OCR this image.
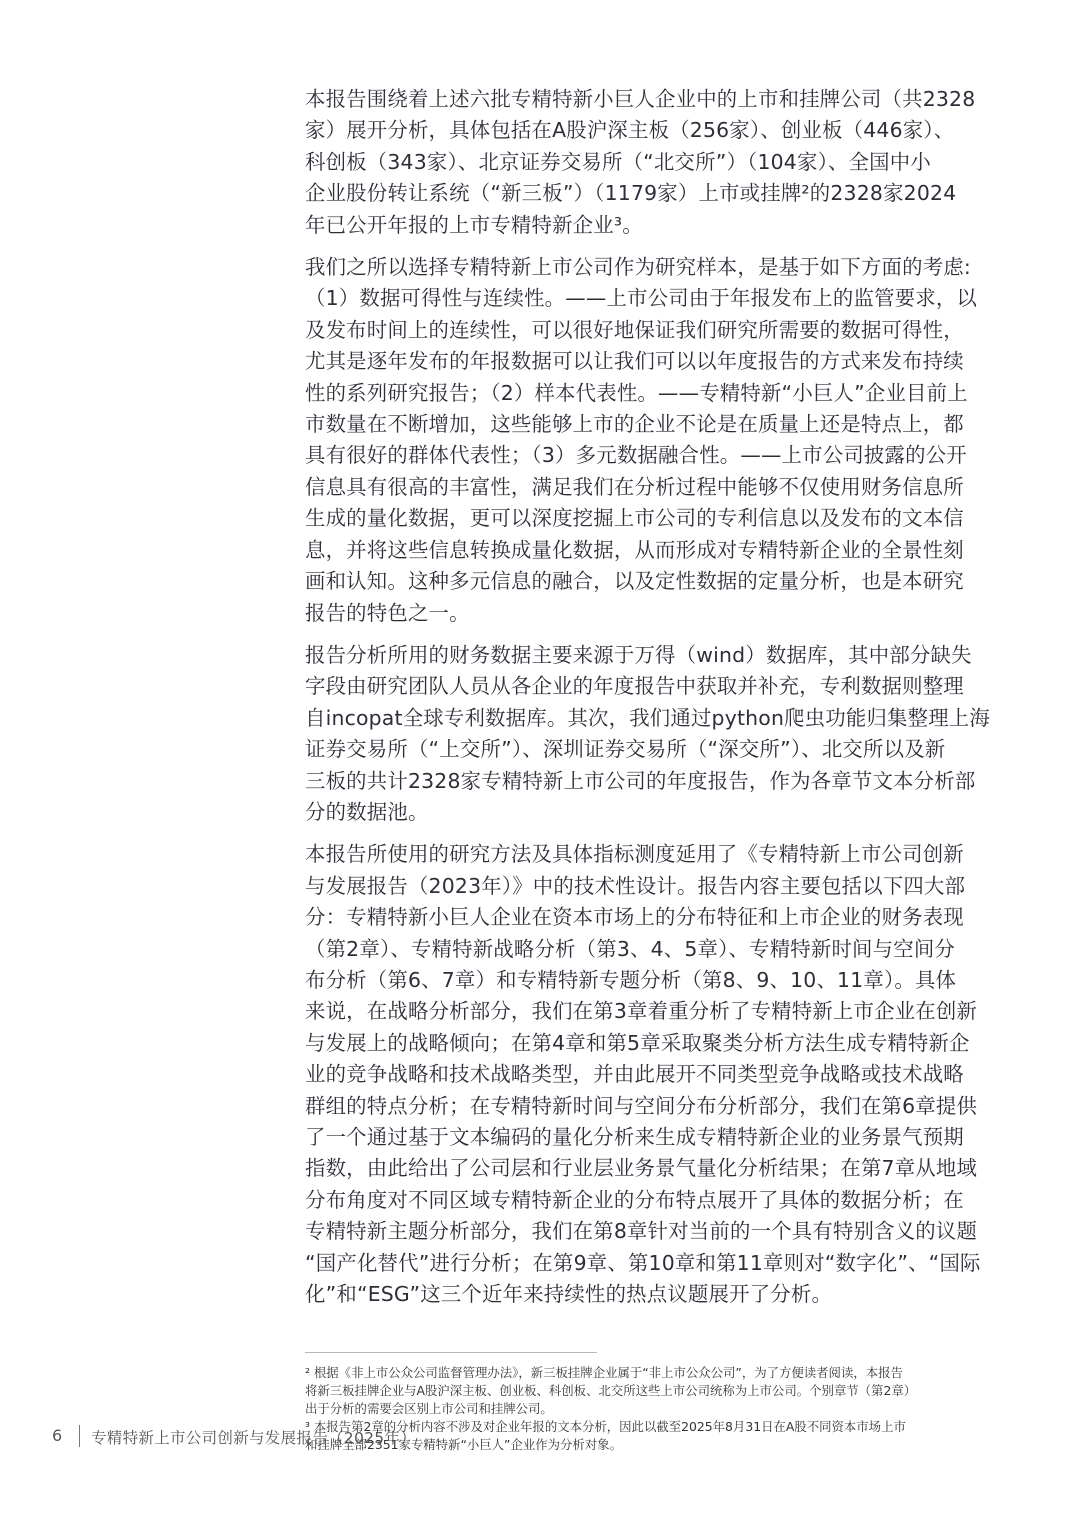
本报告围绕着上述六批专精特新小巨人企业中的上市和挂牌公司（共2328
家）展开分析，具体包括在A股沪深主板（256家）、创业板（446家）、
科创板（343家）、北京证券交易所（“北交所”）（104家）、全国中小
企业股份转让系统（“新三板”）（1179家）上市或挂牌²的2328家2024
年已公开年报的上市专精特新企业³。

我们之所以选择专精特新上市公司作为研究样本，是基于如下方面的考虑:
（1）数据可得性与连续性。——上市公司由于年报发布上的监管要求，以
及发布时间上的连续性，可以很好地保证我们研究所需要的数据可得性，
尤其是逐年发布的年报数据可以让我们可以以年度报告的方式来发布持续
性的系列研究报告；（2）样本代表性。——专精特新“小巨人”企业目前上
市数量在不断增加，这些能够上市的企业不论是在质量上还是特点上，都
具有很好的群体代表性；（3）多元数据融合性。——上市公司披露的公开
信息具有很高的丰富性，满足我们在分析过程中能够不仅使用财务信息所
生成的量化数据，更可以深度挖掘上市公司的专利信息以及发布的文本信
息，并将这些信息转换成量化数据，从而形成对专精特新企业的全景性刻
画和认知。这种多元信息的融合，以及定性数据的定量分析，也是本研究
报告的特色之一。

报告分析所用的财务数据主要来源于万得（wind）数据库，其中部分缺失
字段由研究团队人员从各企业的年度报告中获取并补充，专利数据则整理
自incopat全球专利数据库。其次，我们通过python爬虫功能归集整理上海
证券交易所（“上交所”）、深圳证券交易所（“深交所”）、北交所以及新
三板的共计2328家专精特新上市公司的年度报告，作为各章节文本分析部
分的数据池。

本报告所使用的研究方法及具体指标测度延用了《专精特新上市公司创新
与发展报告（2023年）》中的技术性设计。报告内容主要包括以下四大部
分：专精特新小巨人企业在资本市场上的分布特征和上市企业的财务表现
（第2章）、专精特新战略分析（第3、4、5章）、专精特新时间与空间分
布分析（第6、7章）和专精特新专题分析（第8、9、10、11章）。具体
来说，在战略分析部分，我们在第3章着重分析了专精特新上市企业在创新
与发展上的战略倾向；在第4章和第5章采取聚类分析方法生成专精特新企
业的竞争战略和技术战略类型，并由此展开不同类型竞争战略或技术战略
群组的特点分析；在专精特新时间与空间分布分析部分，我们在第6章提供
了一个通过基于文本编码的量化分析来生成专精特新企业的业务景气预期
指数，由此给出了公司层和行业层业务景气量化分析结果；在第7章从地域
分布角度对不同区域专精特新企业的分布特点展开了具体的数据分析；在
专精特新主题分析部分，我们在第8章针对当前的一个具有特别含义的议题
“国产化替代”进行分析；在第9章、第10章和第11章则对“数字化”、“国际
化”和“ESG”这三个近年来持续性的热点议题展开了分析。

² 根据《非上市公众公司监督管理办法》，新三板挂牌企业属于“非上市公众公司”，为了方便读者阅读，本报告
将新三板挂牌企业与A股沪深主板、创业板、科创板、北交所这些上市公司统称为上市公司。个别章节（第2章）
出于分析的需要会区别上市公司和挂牌公司。

³ 本报告第2章的分析内容不涉及对企业年报的文本分析，因此以截至2025年8月31日在A股不同资本市场上市
和挂牌全部2351家专精特新“小巨人”企业作为分析对象。

6 专精特新上市公司创新与发展报告（2025年）
